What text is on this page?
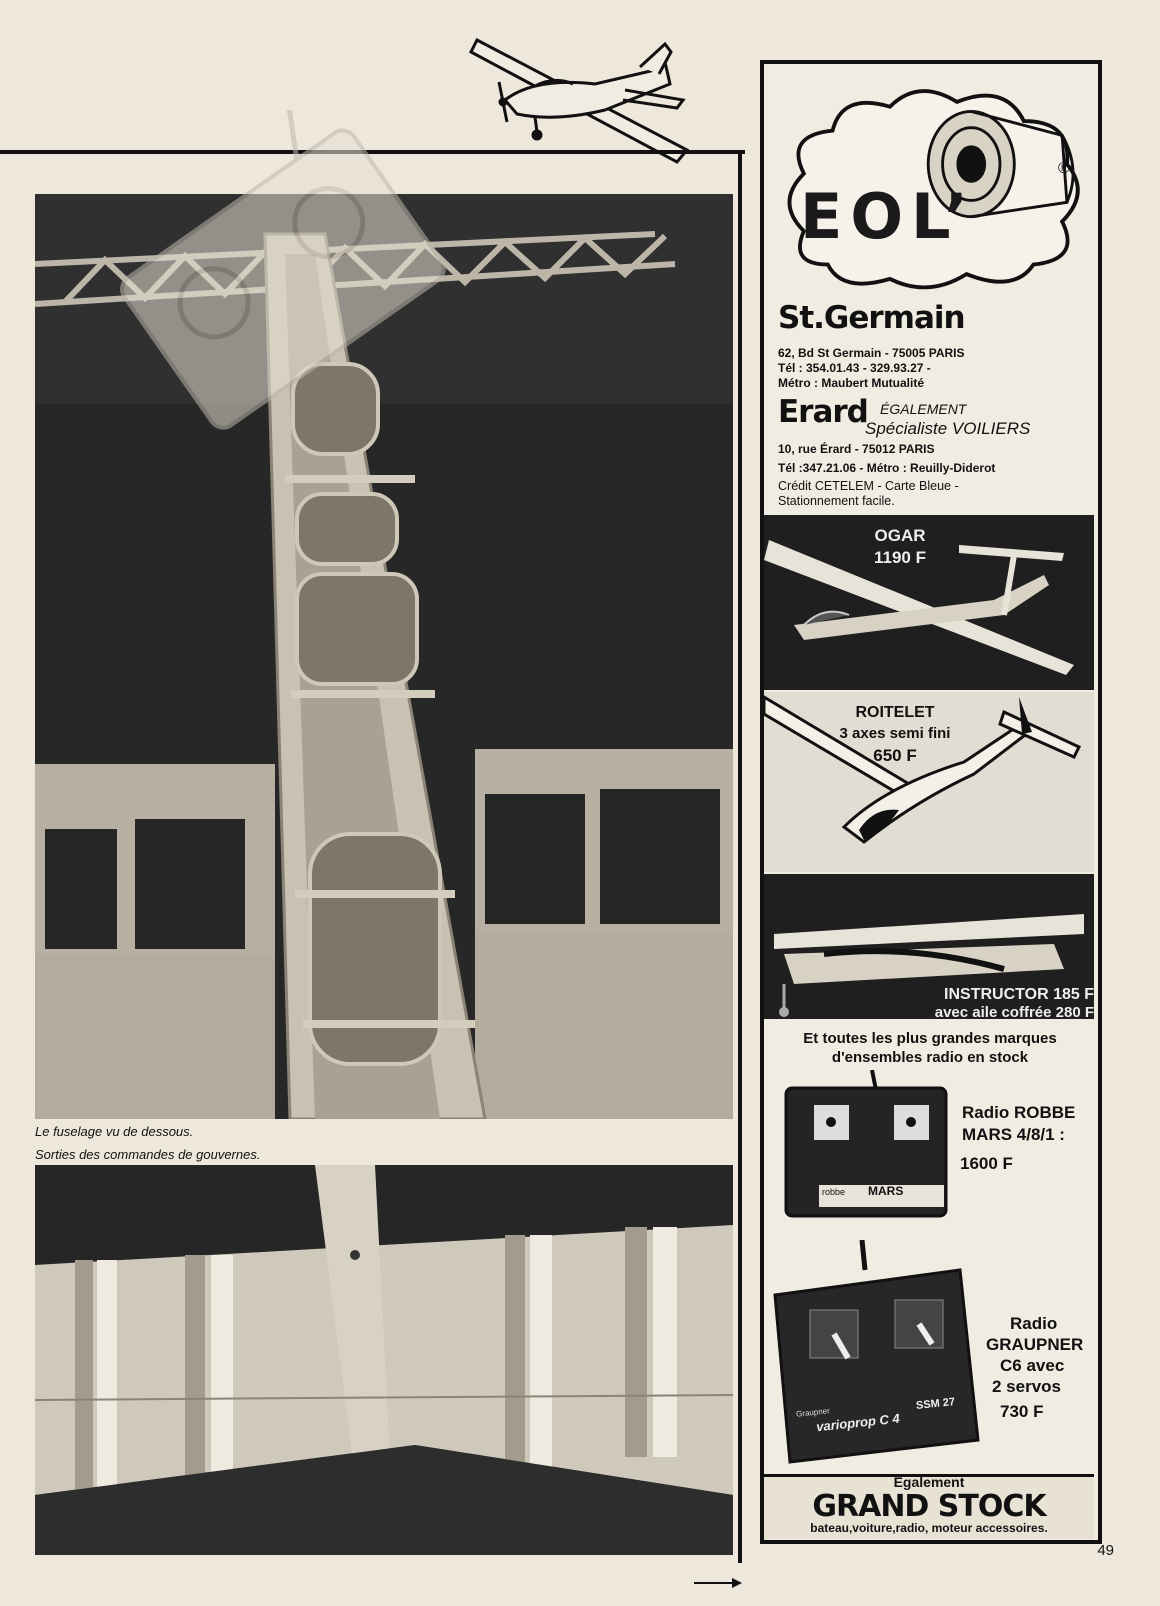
Le fuselage vu de dessous.
Sorties des commandes de gouvernes.
®
EOL’
St.Germain
62, Bd St Germain - 75005 PARIS
Tél : 354.01.43 - 329.93.27 -
Métro : Maubert Mutualité
Erard ÉGALEMENT
Spécialiste VOILIERS
10, rue Érard - 75012 PARIS
Tél :347.21.06 - Métro : Reuilly-Diderot
Crédit CETELEM - Carte Bleue -
Stationnement facile.
OGAR
1190 F
ROITELET
3 axes semi fini
650 F
INSTRUCTOR 185 F
avec aile coffrée 280 F
Et toutes les plus grandes marques
d'ensembles radio en stock
robbe MARS
Radio ROBBE
MARS 4/8/1 :
1600 F
Graupner
varioprop C 4
SSM 27
Radio
GRAUPNER
C6 avec
2 servos
730 F
Également
GRAND STOCK
bateau,voiture,radio, moteur accessoires.
49
